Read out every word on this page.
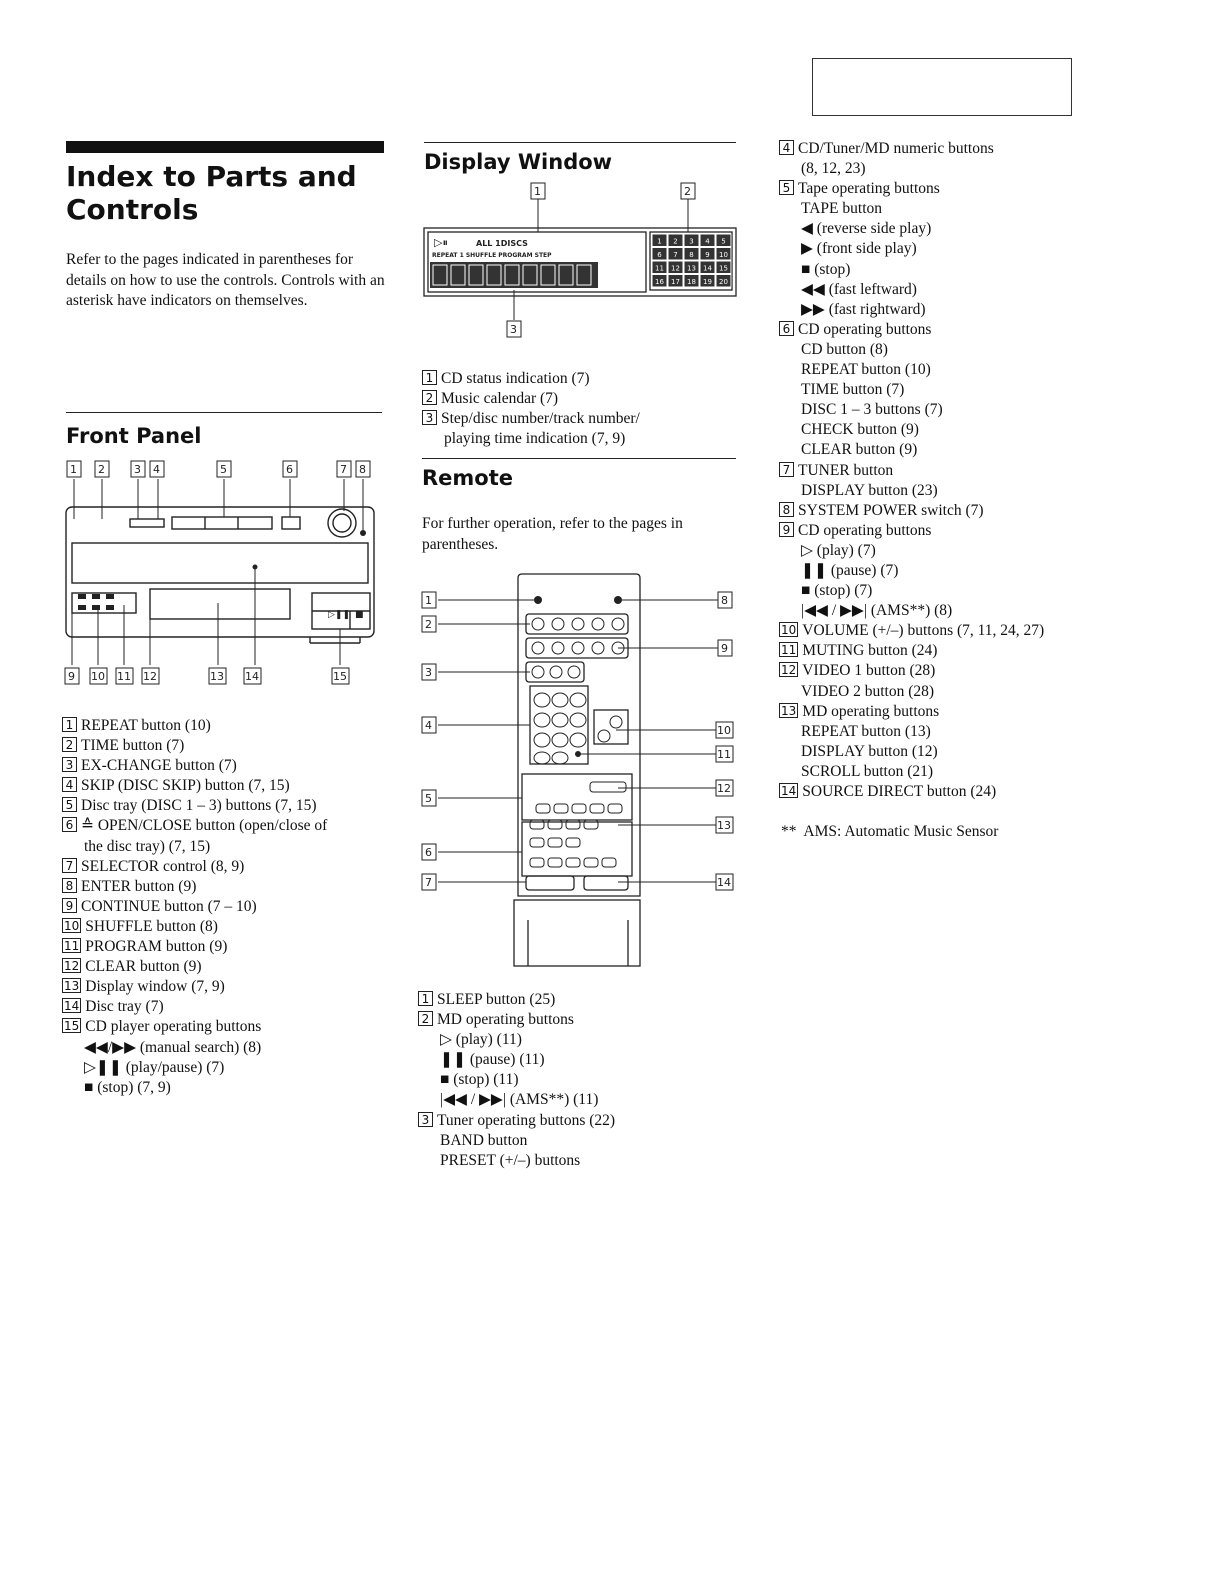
Index to Parts and Controls
Refer to the pages indicated in parentheses for details on how to use the controls. Controls with an asterisk have indicators on themselves.
Front Panel
▷❚❚ ■
1 2	3 4	5	6	7 8
9 10 11 12	13 14	15
1 REPEAT button (10)
2 TIME button (7)
3 EX-CHANGE button (7)
4 SKIP (DISC SKIP) button (7, 15)
5 Disc tray (DISC 1 – 3) buttons (7, 15)
6 ≙ OPEN/CLOSE button (open/close of
the disc tray) (7, 15)
7 SELECTOR control (8, 9)
8 ENTER button (9)
9 CONTINUE button (7 – 10)
10 SHUFFLE button (8)
11 PROGRAM button (9)
12 CLEAR button (9)
13 Display window (7, 9)
14 Disc tray (7)
15 CD player operating buttons
◀◀/▶▶ (manual search) (8)
▷❚❚ (play/pause) (7)
■ (stop) (7, 9)
Display Window
▷⏸	ALL 1DISCS
REPEAT 1 SHUFFLE PROGRAM STEP
1 2 3 4 5
6 7 8 9 10
11 12 13 14 15
16 17 18 19 20
1	2
3
1 CD status indication (7)
2 Music calendar (7)
3 Step/disc number/track number/
playing time indication (7, 9)
Remote
For further operation, refer to the pages in parentheses.
1
2
3
4
5
6
7
8
9
10
11
12
13
14
1 SLEEP button (25)
2 MD operating buttons
▷ (play) (11)
❚❚ (pause) (11)
■ (stop) (11)
|◀◀ / ▶▶| (AMS**) (11)
3 Tuner operating buttons (22)
BAND button
PRESET (+/–) buttons
4 CD/Tuner/MD numeric buttons
(8, 12, 23)
5 Tape operating buttons
TAPE button
◀ (reverse side play)
▶ (front side play)
■ (stop)
◀◀ (fast leftward)
▶▶ (fast rightward)
6 CD operating buttons
CD button (8)
REPEAT button (10)
TIME button (7)
DISC 1 – 3 buttons (7)
CHECK button (9)
CLEAR button (9)
7 TUNER button
DISPLAY button (23)
8 SYSTEM POWER switch (7)
9 CD operating buttons
▷ (play) (7)
❚❚ (pause) (7)
■ (stop) (7)
|◀◀ / ▶▶| (AMS**) (8)
10 VOLUME (+/–) buttons (7, 11, 24, 27)
11 MUTING button (24)
12 VIDEO 1 button (28)
VIDEO 2 button (28)
13 MD operating buttons
REPEAT button (13)
DISPLAY button (12)
SCROLL button (21)
14 SOURCE DIRECT button (24)
**  AMS: Automatic Music Sensor
